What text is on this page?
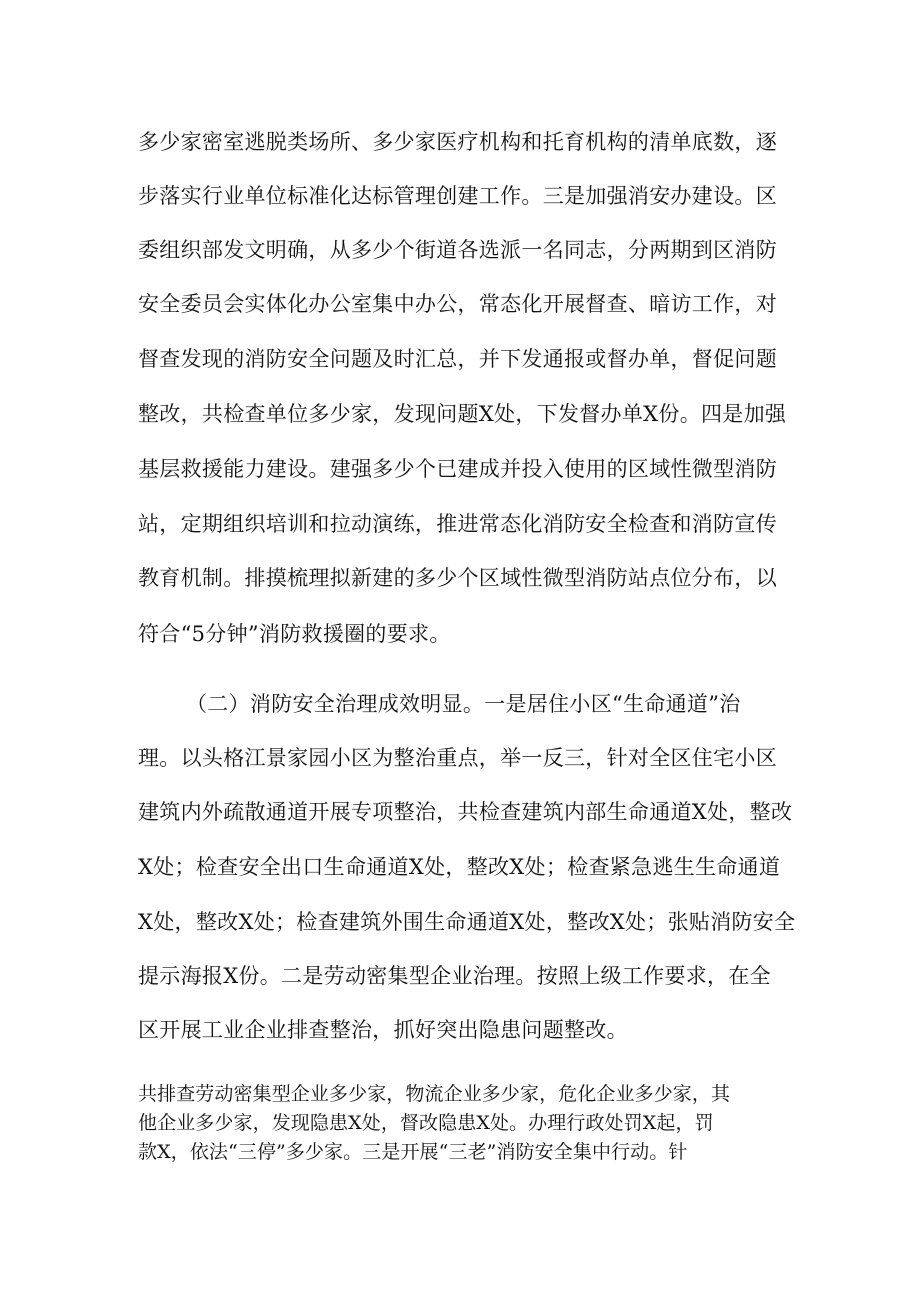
多少家密室逃脱类场所、多少家医疗机构和托育机构的清单底数，逐
步落实行业单位标准化达标管理创建工作。三是加强消安办建设。区
委组织部发文明确，从多少个街道各选派一名同志，分两期到区消防
安全委员会实体化办公室集中办公，常态化开展督查、暗访工作，对
督查发现的消防安全问题及时汇总，并下发通报或督办单，督促问题
整改，共检查单位多少家，发现问题X处，下发督办单X份。四是加强
基层救援能力建设。建强多少个已建成并投入使用的区域性微型消防
站，定期组织培训和拉动演练，推进常态化消防安全检查和消防宣传
教育机制。排摸梳理拟新建的多少个区域性微型消防站点位分布，以
符合“5分钟”消防救援圈的要求。
（二）消防安全治理成效明显。一是居住小区“生命通道”治
理。以头格江景家园小区为整治重点，举一反三，针对全区住宅小区
建筑内外疏散通道开展专项整治，共检查建筑内部生命通道X处，整改
X处；检查安全出口生命通道X处，整改X处；检查紧急逃生生命通道
X处，整改X处；检查建筑外围生命通道X处，整改X处；张贴消防安全
提示海报X份。二是劳动密集型企业治理。按照上级工作要求，在全
区开展工业企业排查整治，抓好突出隐患问题整改。
共排查劳动密集型企业多少家，物流企业多少家，危化企业多少家，其
他企业多少家，发现隐患X处，督改隐患X处。办理行政处罚X起，罚
款X，依法“三停”多少家。三是开展“三老”消防安全集中行动。针
